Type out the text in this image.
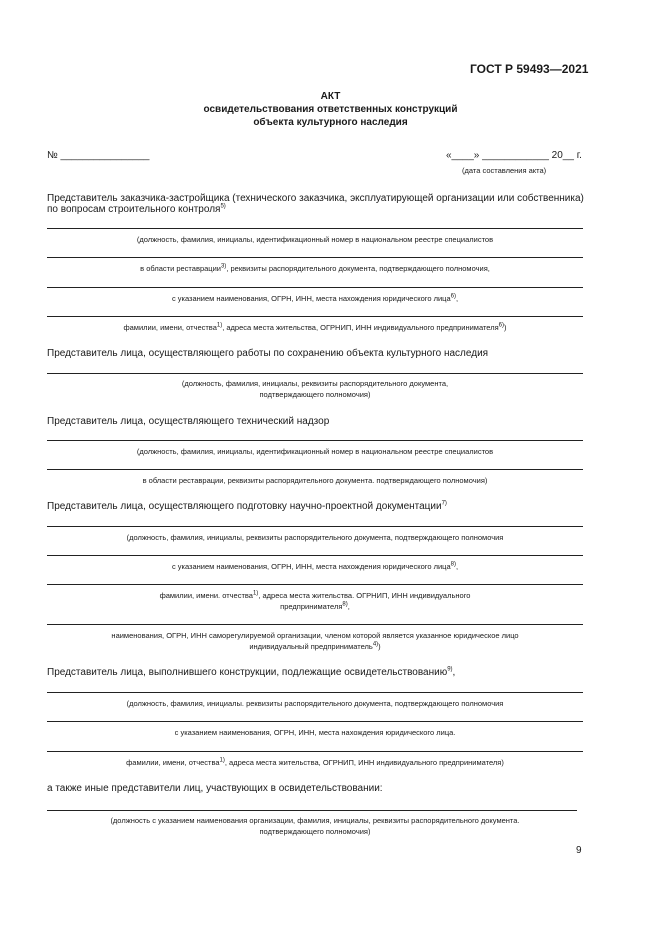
ГОСТ Р 59493—2021
АКТ
освидетельствования ответственных конструкций
объекта культурного наследия
№ ________________	«____» ____________ 20__ г.
(дата составления акта)
Представитель заказчика-застройщика (технического заказчика, эксплуатирующей организации или собственника)
по вопросам строительного контроля$^{5)}$
(должность, фамилия, инициалы, идентификационный номер в национальном реестре специалистов
в области реставрации$^{3)}$, реквизиты распорядительного документа, подтверждающего полномочия,
с указанием наименования, ОГРН, ИНН, места нахождения юридического лица$^{6)}$,
фамилии, имени, отчества$^{1)}$, адреса места жительства, ОГРНИП, ИНН индивидуального предпринимателя$^{6)}$)
Представитель лица, осуществляющего работы по сохранению объекта культурного наследия
(должность, фамилия, инициалы, реквизиты распорядительного документа,
подтверждающего полномочия)
Представитель лица, осуществляющего технический надзор
(должность, фамилия, инициалы, идентификационный номер в национальном реестре специалистов
в области реставрации, реквизиты распорядительного документа. подтверждающего полномочия)
Представитель лица, осуществляющего подготовку научно-проектной документации$^{7)}$
(должность, фамилия, инициалы, реквизиты распорядительного документа, подтверждающего полномочия
с указанием наименования, ОГРН, ИНН, места нахождения юридического лица$^{8)}$,
фамилии, имени. отчества$^{1)}$, адреса места жительства. ОГРНИП, ИНН индивидуального
предпринимателя$^{8)}$,
наименования, ОГРН, ИНН саморегулируемой организации, членом которой является указанное юридическое лицо
индивидуальный предприниматель$^{4)}$)
Представитель лица, выполнившего конструкции, подлежащие освидетельствованию$^{9)}$,
(должность, фамилия, инициалы. реквизиты распорядительного документа, подтверждающего полномочия
с указанием наименования, ОГРН, ИНН, места нахождения юридического лица.
фамилии, имени, отчества$^{1)}$, адреса места жительства, ОГРНИП, ИНН индивидуального предпринимателя)
а также иные представители лиц, участвующих в освидетельствовании:
(должность с указанием наименования организации, фамилия, инициалы, реквизиты распорядительного документа.
подтверждающего полномочия)
9
